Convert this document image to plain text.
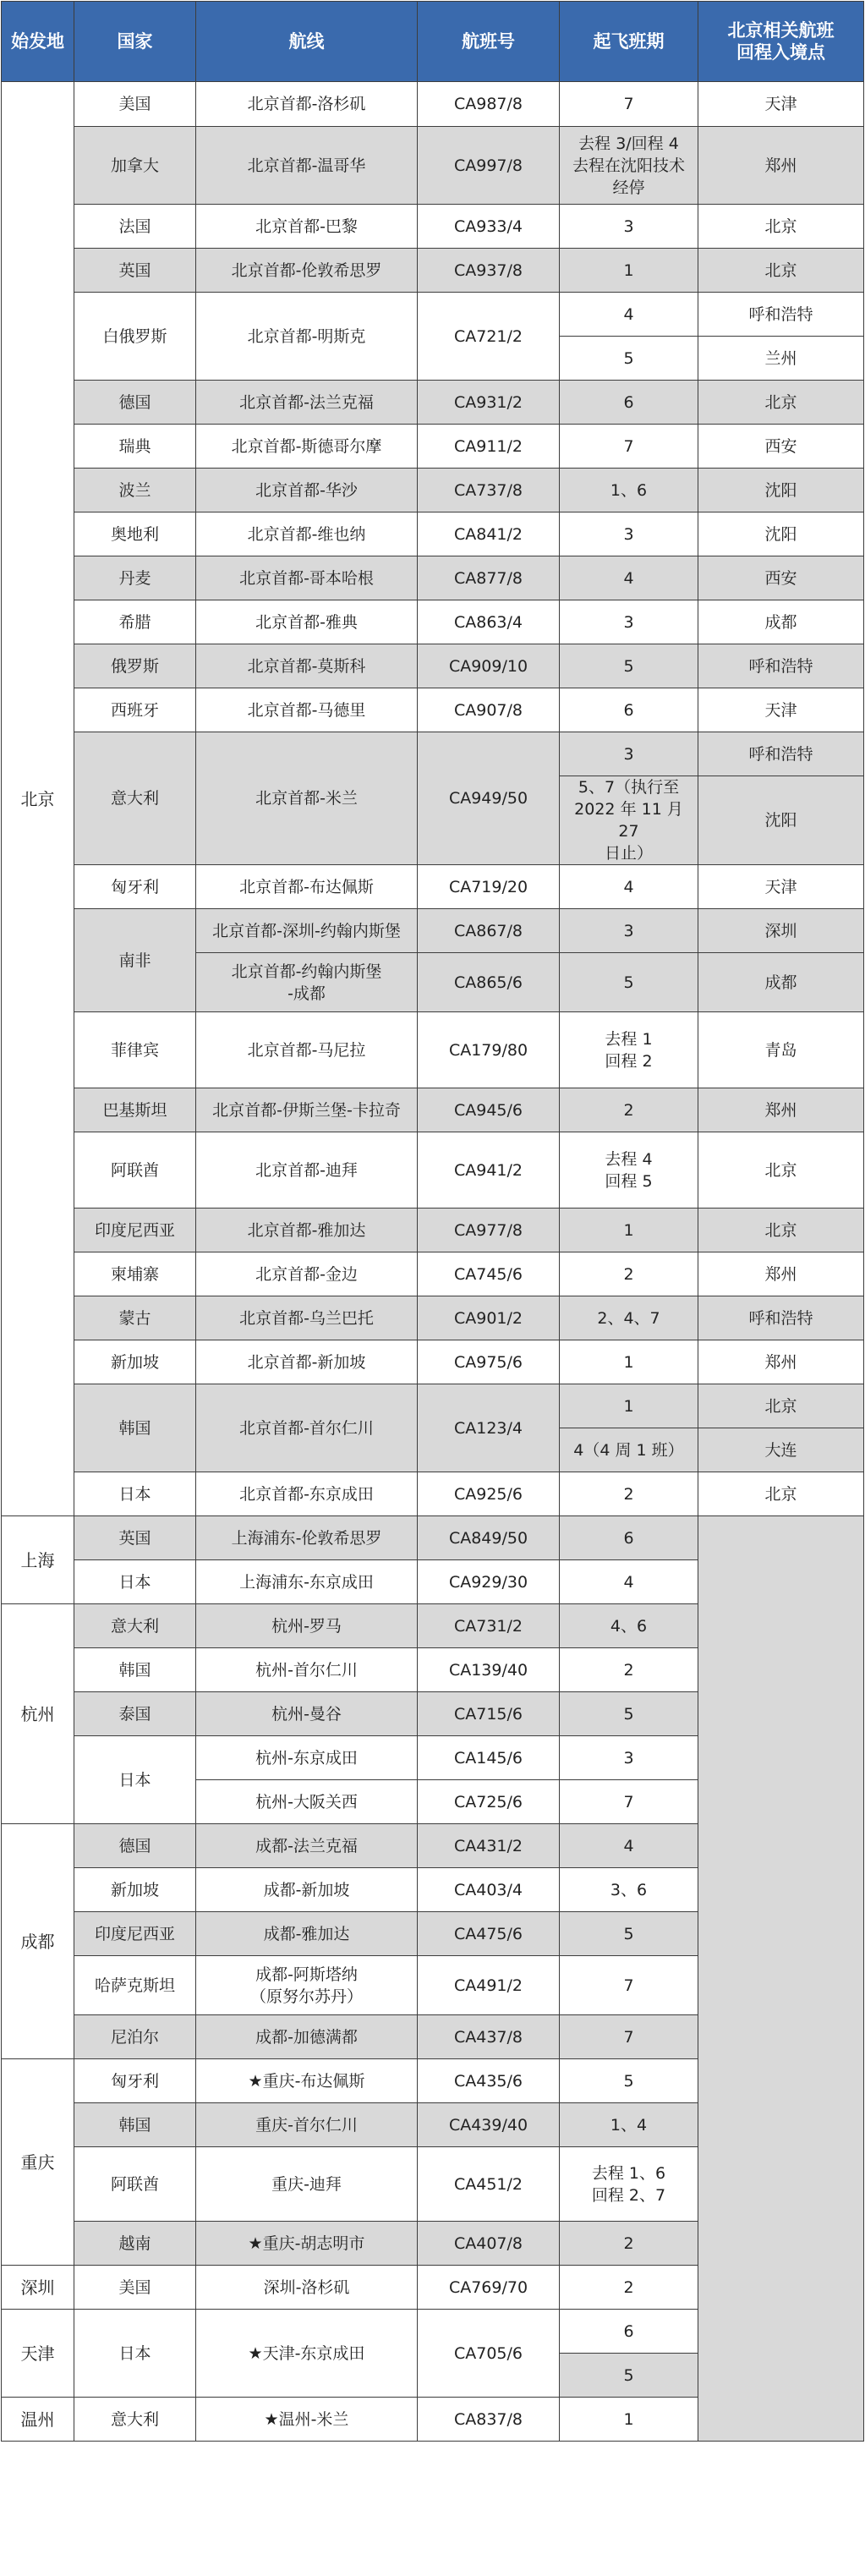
始发地	国家	航线	航班号	起飞班期	北京相关航班
回程入境点
北京	美国	北京首都-洛杉矶	CA987/8	7	天津
	加拿大	北京首都-温哥华	CA997/8	去程 3/回程 4
去程在沈阳技术
经停	郑州
	法国	北京首都-巴黎	CA933/4	3	北京
	英国	北京首都-伦敦希思罗	CA937/8	1	北京
	白俄罗斯	北京首都-明斯克	CA721/2	4	呼和浩特
				5	兰州
	德国	北京首都-法兰克福	CA931/2	6	北京
	瑞典	北京首都-斯德哥尔摩	CA911/2	7	西安
	波兰	北京首都-华沙	CA737/8	1、6	沈阳
	奥地利	北京首都-维也纳	CA841/2	3	沈阳
	丹麦	北京首都-哥本哈根	CA877/8	4	西安
	希腊	北京首都-雅典	CA863/4	3	成都
	俄罗斯	北京首都-莫斯科	CA909/10	5	呼和浩特
	西班牙	北京首都-马德里	CA907/8	6	天津
	意大利	北京首都-米兰	CA949/50	3	呼和浩特
				5、7（执行至
2022 年 11 月 27
日止）	沈阳
	匈牙利	北京首都-布达佩斯	CA719/20	4	天津
	南非	北京首都-深圳-约翰内斯堡	CA867/8	3	深圳
		北京首都-约翰内斯堡
-成都	CA865/6	5	成都
	菲律宾	北京首都-马尼拉	CA179/80	去程 1
回程 2	青岛
	巴基斯坦	北京首都-伊斯兰堡-卡拉奇	CA945/6	2	郑州
	阿联酋	北京首都-迪拜	CA941/2	去程 4
回程 5	北京
	印度尼西亚	北京首都-雅加达	CA977/8	1	北京
	柬埔寨	北京首都-金边	CA745/6	2	郑州
	蒙古	北京首都-乌兰巴托	CA901/2	2、4、7	呼和浩特
	新加坡	北京首都-新加坡	CA975/6	1	郑州
	韩国	北京首都-首尔仁川	CA123/4	1	北京
				4（4 周 1 班）	大连
	日本	北京首都-东京成田	CA925/6	2	北京
上海	英国	上海浦东-伦敦希思罗	CA849/50	6	
	日本	上海浦东-东京成田	CA929/30	4	
杭州	意大利	杭州-罗马	CA731/2	4、6	
	韩国	杭州-首尔仁川	CA139/40	2	
	泰国	杭州-曼谷	CA715/6	5	
	日本	杭州-东京成田	CA145/6	3	
		杭州-大阪关西	CA725/6	7	
成都	德国	成都-法兰克福	CA431/2	4	
	新加坡	成都-新加坡	CA403/4	3、6	
	印度尼西亚	成都-雅加达	CA475/6	5	
	哈萨克斯坦	成都-阿斯塔纳
（原努尔苏丹）	CA491/2	7	
	尼泊尔	成都-加德满都	CA437/8	7	
重庆	匈牙利	★重庆-布达佩斯	CA435/6	5	
	韩国	重庆-首尔仁川	CA439/40	1、4	
	阿联酋	重庆-迪拜	CA451/2	去程 1、6
回程 2、7	
	越南	★重庆-胡志明市	CA407/8	2	
深圳	美国	深圳-洛杉矶	CA769/70	2	
天津	日本	★天津-东京成田	CA705/6	6	
				5	
温州	意大利	★温州-米兰	CA837/8	1	
